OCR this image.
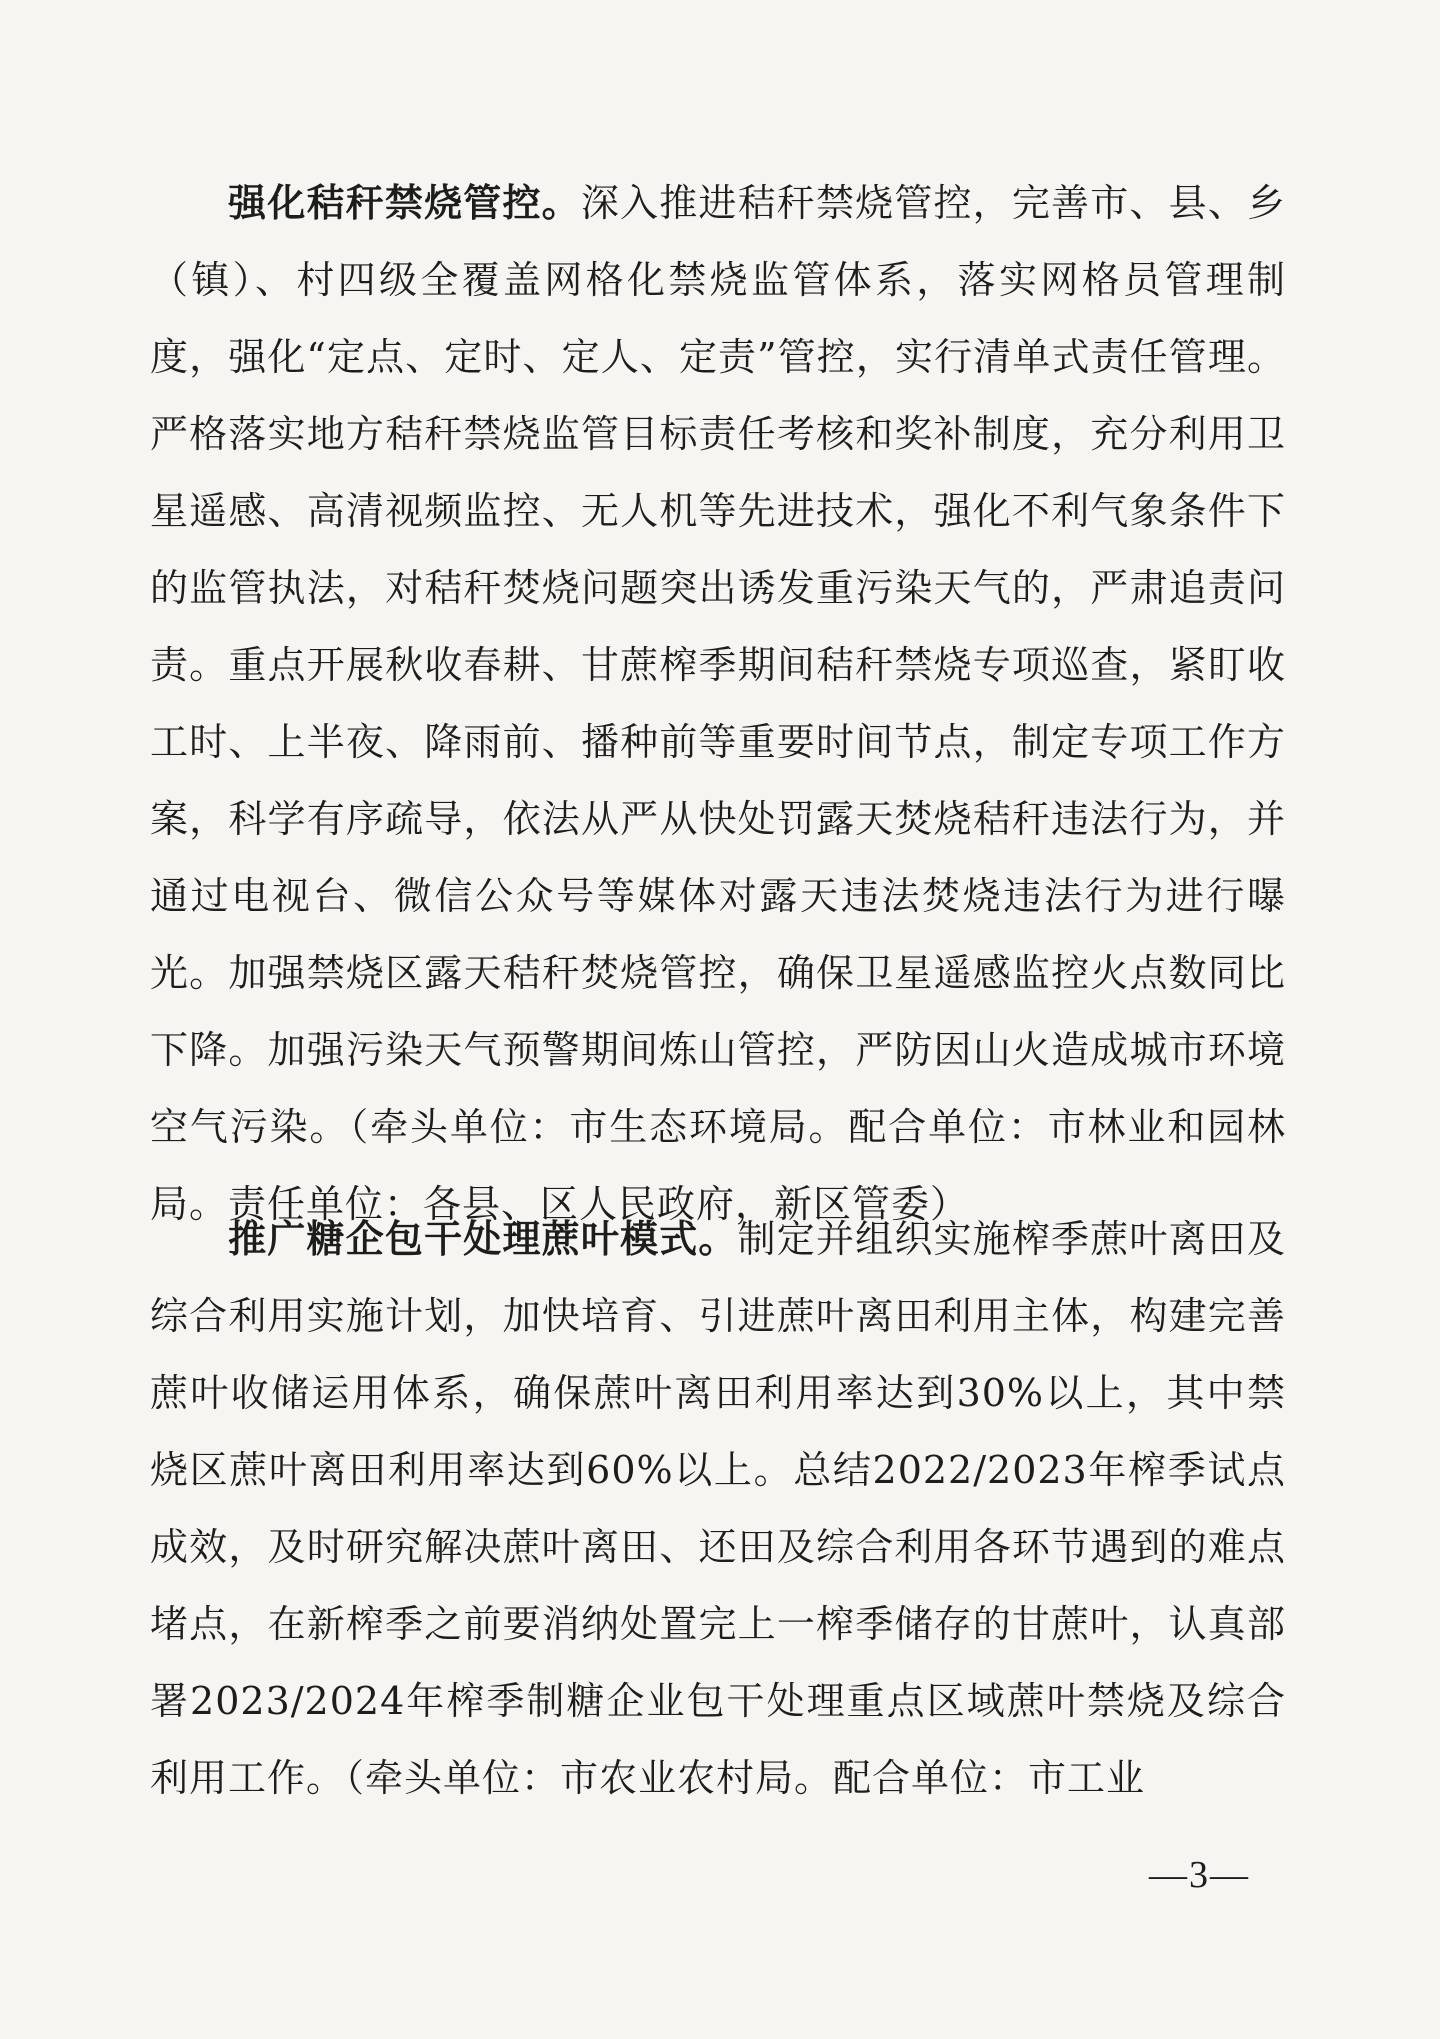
强化秸秆禁烧管控。深入推进秸秆禁烧管控，完善市、县、乡（镇）、村四级全覆盖网格化禁烧监管体系，落实网格员管理制度，强化“定点、定时、定人、定责”管控，实行清单式责任管理。严格落实地方秸秆禁烧监管目标责任考核和奖补制度，充分利用卫星遥感、高清视频监控、无人机等先进技术，强化不利气象条件下的监管执法，对秸秆焚烧问题突出诱发重污染天气的，严肃追责问责。重点开展秋收春耕、甘蔗榨季期间秸秆禁烧专项巡查，紧盯收工时、上半夜、降雨前、播种前等重要时间节点，制定专项工作方案，科学有序疏导，依法从严从快处罚露天焚烧秸秆违法行为，并通过电视台、微信公众号等媒体对露天违法焚烧违法行为进行曝光。加强禁烧区露天秸秆焚烧管控，确保卫星遥感监控火点数同比下降。加强污染天气预警期间炼山管控，严防因山火造成城市环境空气污染。（牵头单位：市生态环境局。配合单位：市林业和园林局。责任单位：各县、区人民政府，新区管委）
推广糖企包干处理蔗叶模式。制定并组织实施榨季蔗叶离田及综合利用实施计划，加快培育、引进蔗叶离田利用主体，构建完善蔗叶收储运用体系，确保蔗叶离田利用率达到30%以上，其中禁烧区蔗叶离田利用率达到60%以上。总结2022/2023年榨季试点成效，及时研究解决蔗叶离田、还田及综合利用各环节遇到的难点堵点，在新榨季之前要消纳处置完上一榨季储存的甘蔗叶，认真部署2023/2024年榨季制糖企业包干处理重点区域蔗叶禁烧及综合利用工作。（牵头单位：市农业农村局。配合单位：市工业
—3—
